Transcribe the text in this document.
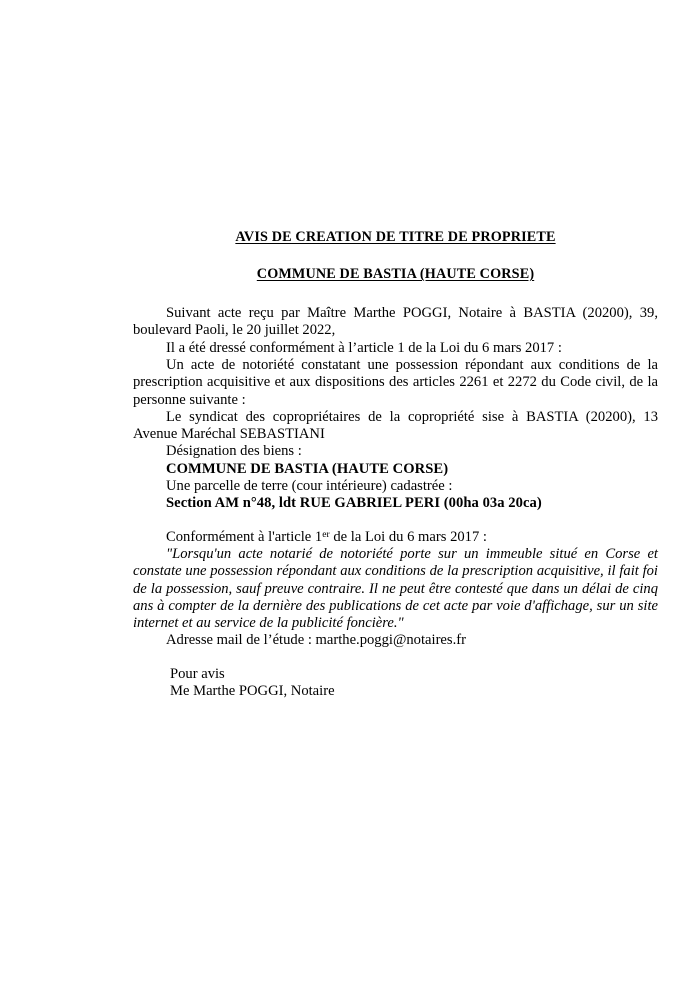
AVIS DE CREATION DE TITRE DE PROPRIETE

COMMUNE DE BASTIA (HAUTE CORSE)

Suivant acte reçu par Maître Marthe POGGI, Notaire à BASTIA (20200), 39, boulevard Paoli, le 20 juillet 2022,

Il a été dressé conformément à l’article 1 de la Loi du 6 mars 2017 :

Un acte de notoriété constatant une possession répondant aux conditions de la prescription acquisitive et aux dispositions des articles 2261 et 2272 du Code civil, de la personne suivante :

Le syndicat des copropriétaires de la copropriété sise à BASTIA (20200), 13 Avenue Maréchal SEBASTIANI

Désignation des biens :

COMMUNE DE BASTIA (HAUTE CORSE)

Une parcelle de terre (cour intérieure) cadastrée :

Section AM n°48, ldt RUE GABRIEL PERI (00ha 03a 20ca)

Conformément à l'article 1er de la Loi du 6 mars 2017 :

"Lorsqu'un acte notarié de notoriété porte sur un immeuble situé en Corse et constate une possession répondant aux conditions de la prescription acquisitive, il fait foi de la possession, sauf preuve contraire. Il ne peut être contesté que dans un délai de cinq ans à compter de la dernière des publications de cet acte par voie d'affichage, sur un site internet et au service de la publicité foncière."

Adresse mail de l’étude : marthe.poggi@notaires.fr

Pour avis

Me Marthe POGGI, Notaire
